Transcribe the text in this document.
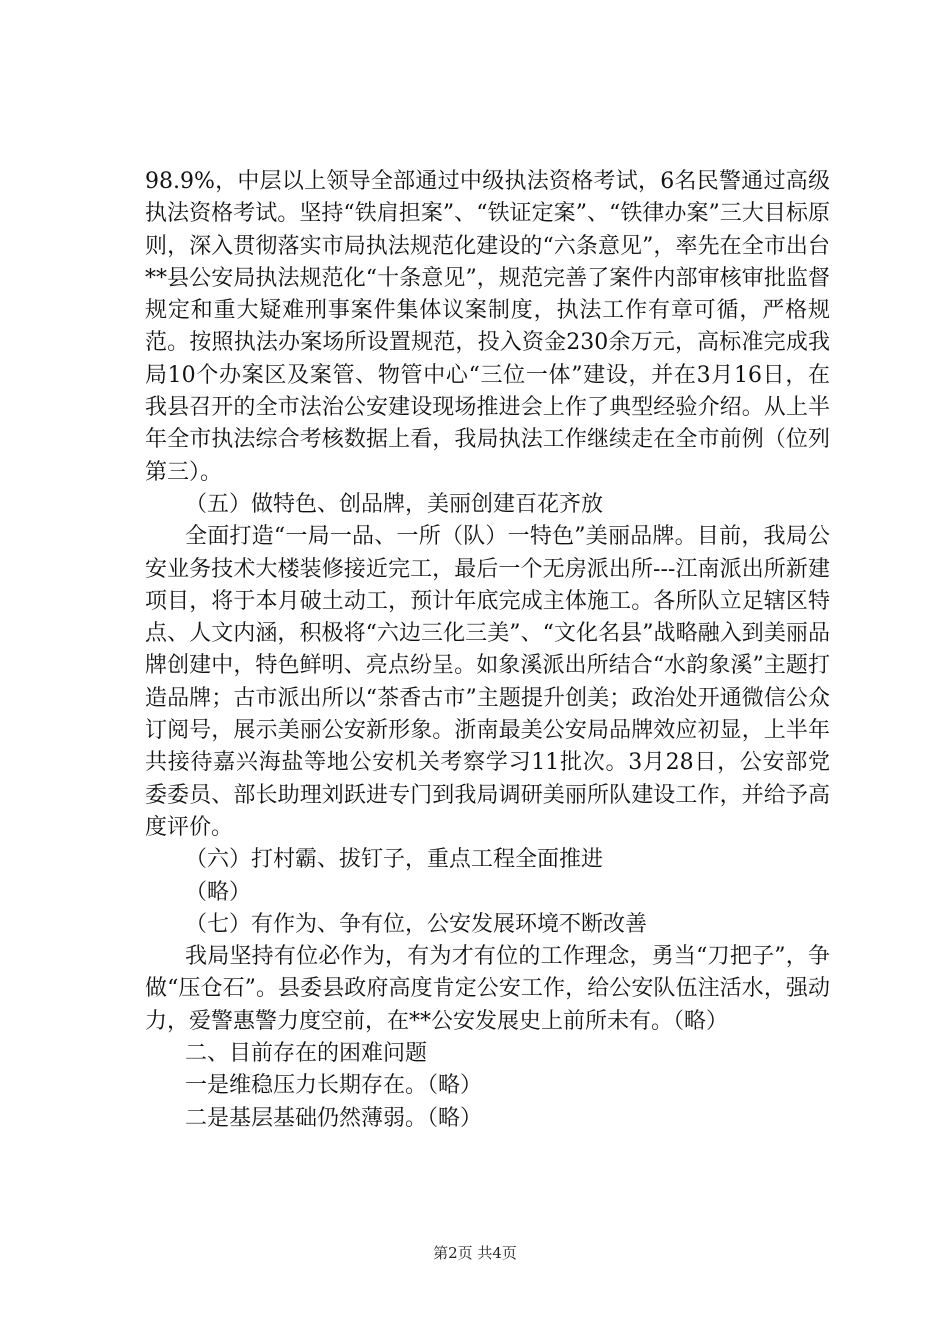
98.9%，中层以上领导全部通过中级执法资格考试，6名民警通过高级执法资格考试。坚持“铁肩担案”、“铁证定案”、“铁律办案”三大目标原则，深入贯彻落实市局执法规范化建设的“六条意见”，率先在全市出台**县公安局执法规范化“十条意见”，规范完善了案件内部审核审批监督规定和重大疑难刑事案件集体议案制度，执法工作有章可循，严格规范。按照执法办案场所设置规范，投入资金230余万元，高标准完成我局10个办案区及案管、物管中心“三位一体”建设，并在3月16日，在我县召开的全市法治公安建设现场推进会上作了典型经验介绍。从上半年全市执法综合考核数据上看，我局执法工作继续走在全市前例（位列第三）。

（五）做特色、创品牌，美丽创建百花齐放

全面打造“一局一品、一所（队）一特色”美丽品牌。目前，我局公安业务技术大楼装修接近完工，最后一个无房派出所---江南派出所新建项目，将于本月破土动工，预计年底完成主体施工。各所队立足辖区特点、人文内涵，积极将“六边三化三美”、“文化名县”战略融入到美丽品牌创建中，特色鲜明、亮点纷呈。如象溪派出所结合“水韵象溪”主题打造品牌；古市派出所以“茶香古市”主题提升创美；政治处开通微信公众订阅号，展示美丽公安新形象。浙南最美公安局品牌效应初显，上半年共接待嘉兴海盐等地公安机关考察学习11批次。3月28日，公安部党委委员、部长助理刘跃进专门到我局调研美丽所队建设工作，并给予高度评价。

（六）打村霸、拔钉子，重点工程全面推进

（略）

（七）有作为、争有位，公安发展环境不断改善

我局坚持有位必作为，有为才有位的工作理念，勇当“刀把子”，争做“压仓石”。县委县政府高度肯定公安工作，给公安队伍注活水，强动力，爱警惠警力度空前，在**公安发展史上前所未有。（略）

二、目前存在的困难问题

一是维稳压力长期存在。（略）

二是基层基础仍然薄弱。（略）

第2页 共4页
